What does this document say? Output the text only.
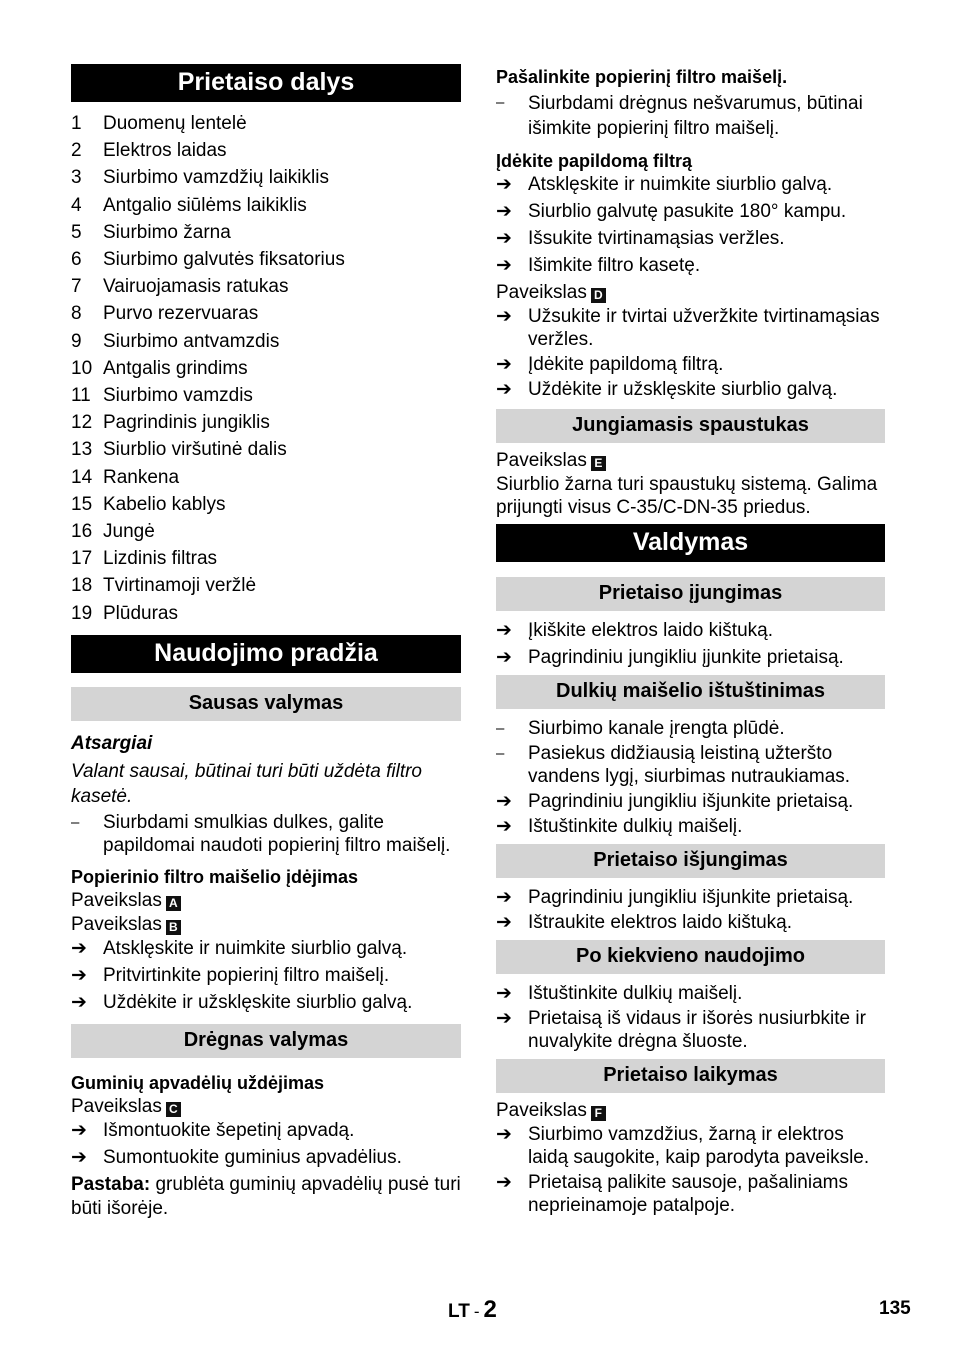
Prietaiso dalys
1	Duomenų lentelė
2	Elektros laidas
3	Siurbimo vamzdžių laikiklis
4	Antgalio siūlėms laikiklis
5	Siurbimo žarna
6	Siurbimo galvutės fiksatorius
7	Vairuojamasis ratukas
8	Purvo rezervuaras
9	Siurbimo antvamzdis
10 Antgalis grindims
11 Siurbimo vamzdis
12 Pagrindinis jungiklis
13 Siurblio viršutinė dalis
14 Rankena
15 Kabelio kablys
16 Jungė
17 Lizdinis filtras
18 Tvirtinamoji veržlė
19 Plūduras
Naudojimo pradžia
Sausas valymas
Atsargiai
Valant sausai, būtinai turi būti uždėta filtro kasetė.
–	Siurbdami smulkias dulkes, galite papildomai naudoti popierinį filtro maišelį.
Popierinio filtro maišelio įdėjimas
Paveikslas A
Paveikslas B
➔ Atsklęskite ir nuimkite siurblio galvą.
➔ Pritvirtinkite popierinį filtro maišelį.
➔ Uždėkite ir užsklęskite siurblio galvą.
Drėgnas valymas
Guminių apvadėlių uždėjimas
Paveikslas C
➔ Išmontuokite šepetinį apvadą.
➔ Sumontuokite guminius apvadėlius.
Pastaba: grublėta guminių apvadėlių pusė turi būti išorėje.
Pašalinkite popierinį filtro maišelį.
–	Siurbdami drėgnus nešvarumus, būtinai išimkite popierinį filtro maišelį.
Įdėkite papildomą filtrą
➔ Atsklęskite ir nuimkite siurblio galvą.
➔ Siurblio galvutę pasukite 180° kampu.
➔ Išsukite tvirtinamąsias veržles.
➔ Išimkite filtro kasetę.
Paveikslas D
➔ Užsukite ir tvirtai užveržkite tvirtinamąsias veržles.
➔ Įdėkite papildomą filtrą.
➔ Uždėkite ir užsklęskite siurblio galvą.
Jungiamasis spaustukas
Paveikslas E
Siurblio žarna turi spaustukų sistemą. Galima prijungti visus C-35/C-DN-35 priedus.
Valdymas
Prietaiso įjungimas
➔ Įkiškite elektros laido kištuką.
➔ Pagrindiniu jungikliu įjunkite prietaisą.
Dulkių maišelio ištuštinimas
–	Siurbimo kanale įrengta plūdė.
–	Pasiekus didžiausią leistiną užteršto vandens lygį, siurbimas nutraukiamas.
➔ Pagrindiniu jungikliu išjunkite prietaisą.
➔ Ištuštinkite dulkių maišelį.
Prietaiso išjungimas
➔ Pagrindiniu jungikliu išjunkite prietaisą.
➔ Ištraukite elektros laido kištuką.
Po kiekvieno naudojimo
➔ Ištuštinkite dulkių maišelį.
➔ Prietaisą iš vidaus ir išorės nusiurbkite ir nuvalykite drėgna šluoste.
Prietaiso laikymas
Paveikslas F
➔ Siurbimo vamzdžius, žarną ir elektros laidą saugokite, kaip parodyta paveiksle.
➔ Prietaisą palikite sausoje, pašaliniams neprieinamoje patalpoje.
LT - 2	135
